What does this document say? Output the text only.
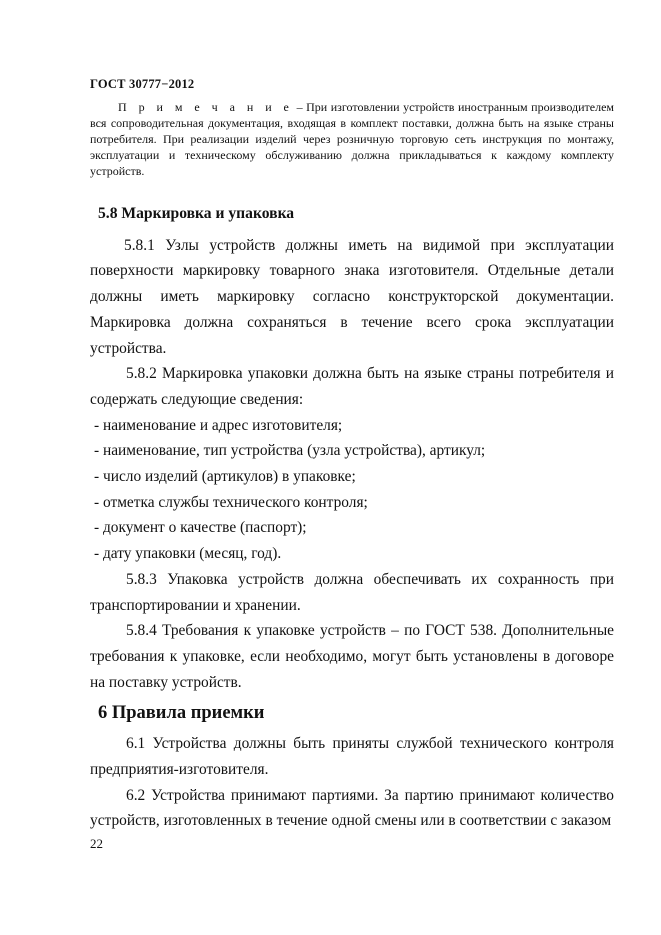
ГОСТ 30777−2012

П р и м е ч а н и е – При изготовлении устройств иностранным производителем вся сопроводительная документация, входящая в комплект поставки, должна быть на языке страны потребителя. При реализации изделий через розничную торговую сеть инструкция по монтажу, эксплуатации и техническому обслуживанию должна прикладываться к каждому комплекту устройств.

5.8 Маркировка и упаковка

5.8.1 Узлы устройств должны иметь на видимой при эксплуатации поверхности маркировку товарного знака изготовителя. Отдельные детали должны иметь маркировку согласно конструкторской документации. Маркировка должна сохраняться в течение всего срока эксплуатации устройства.

5.8.2 Маркировка упаковки должна быть на языке страны потребителя и содержать следующие сведения:

- наименование и адрес изготовителя;

- наименование, тип устройства (узла устройства), артикул;

- число изделий (артикулов) в упаковке;

- отметка службы технического контроля;

- документ о качестве (паспорт);

- дату упаковки (месяц, год).

5.8.3 Упаковка устройств должна обеспечивать их сохранность при транспортировании и хранении.

5.8.4 Требования к упаковке устройств – по ГОСТ 538. Дополнительные требования к упаковке, если необходимо, могут быть установлены в договоре на поставку устройств.

6 Правила приемки

6.1 Устройства должны быть приняты службой технического контроля предприятия-изготовителя.

6.2 Устройства принимают партиями. За партию принимают количество устройств, изготовленных в течение одной смены или в соответствии с заказом

22
